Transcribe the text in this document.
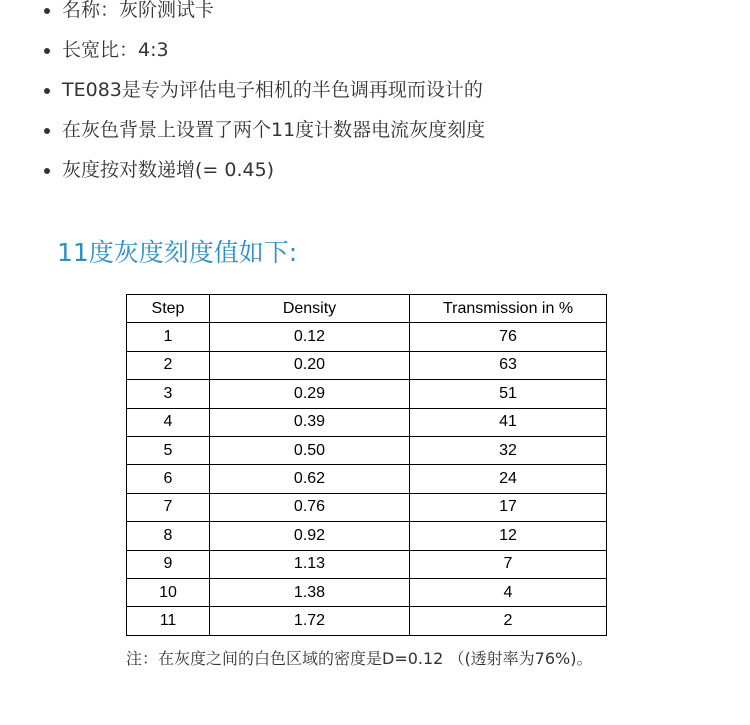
名称：灰阶测试卡
长宽比：4:3
TE083是专为评估电子相机的半色调再现而设计的
在灰色背景上设置了两个11度计数器电流灰度刻度
灰度按对数递增(= 0.45)
11度灰度刻度值如下:
Step	Density	Transmission in %
1	0.12	76
2	0.20	63
3	0.29	51
4	0.39	41
5	0.50	32
6	0.62	24
7	0.76	17
8	0.92	12
9	1.13	7
10	1.38	4
11	1.72	2
注：在灰度之间的白色区域的密度是D=0.12 （(透射率为76%)。
